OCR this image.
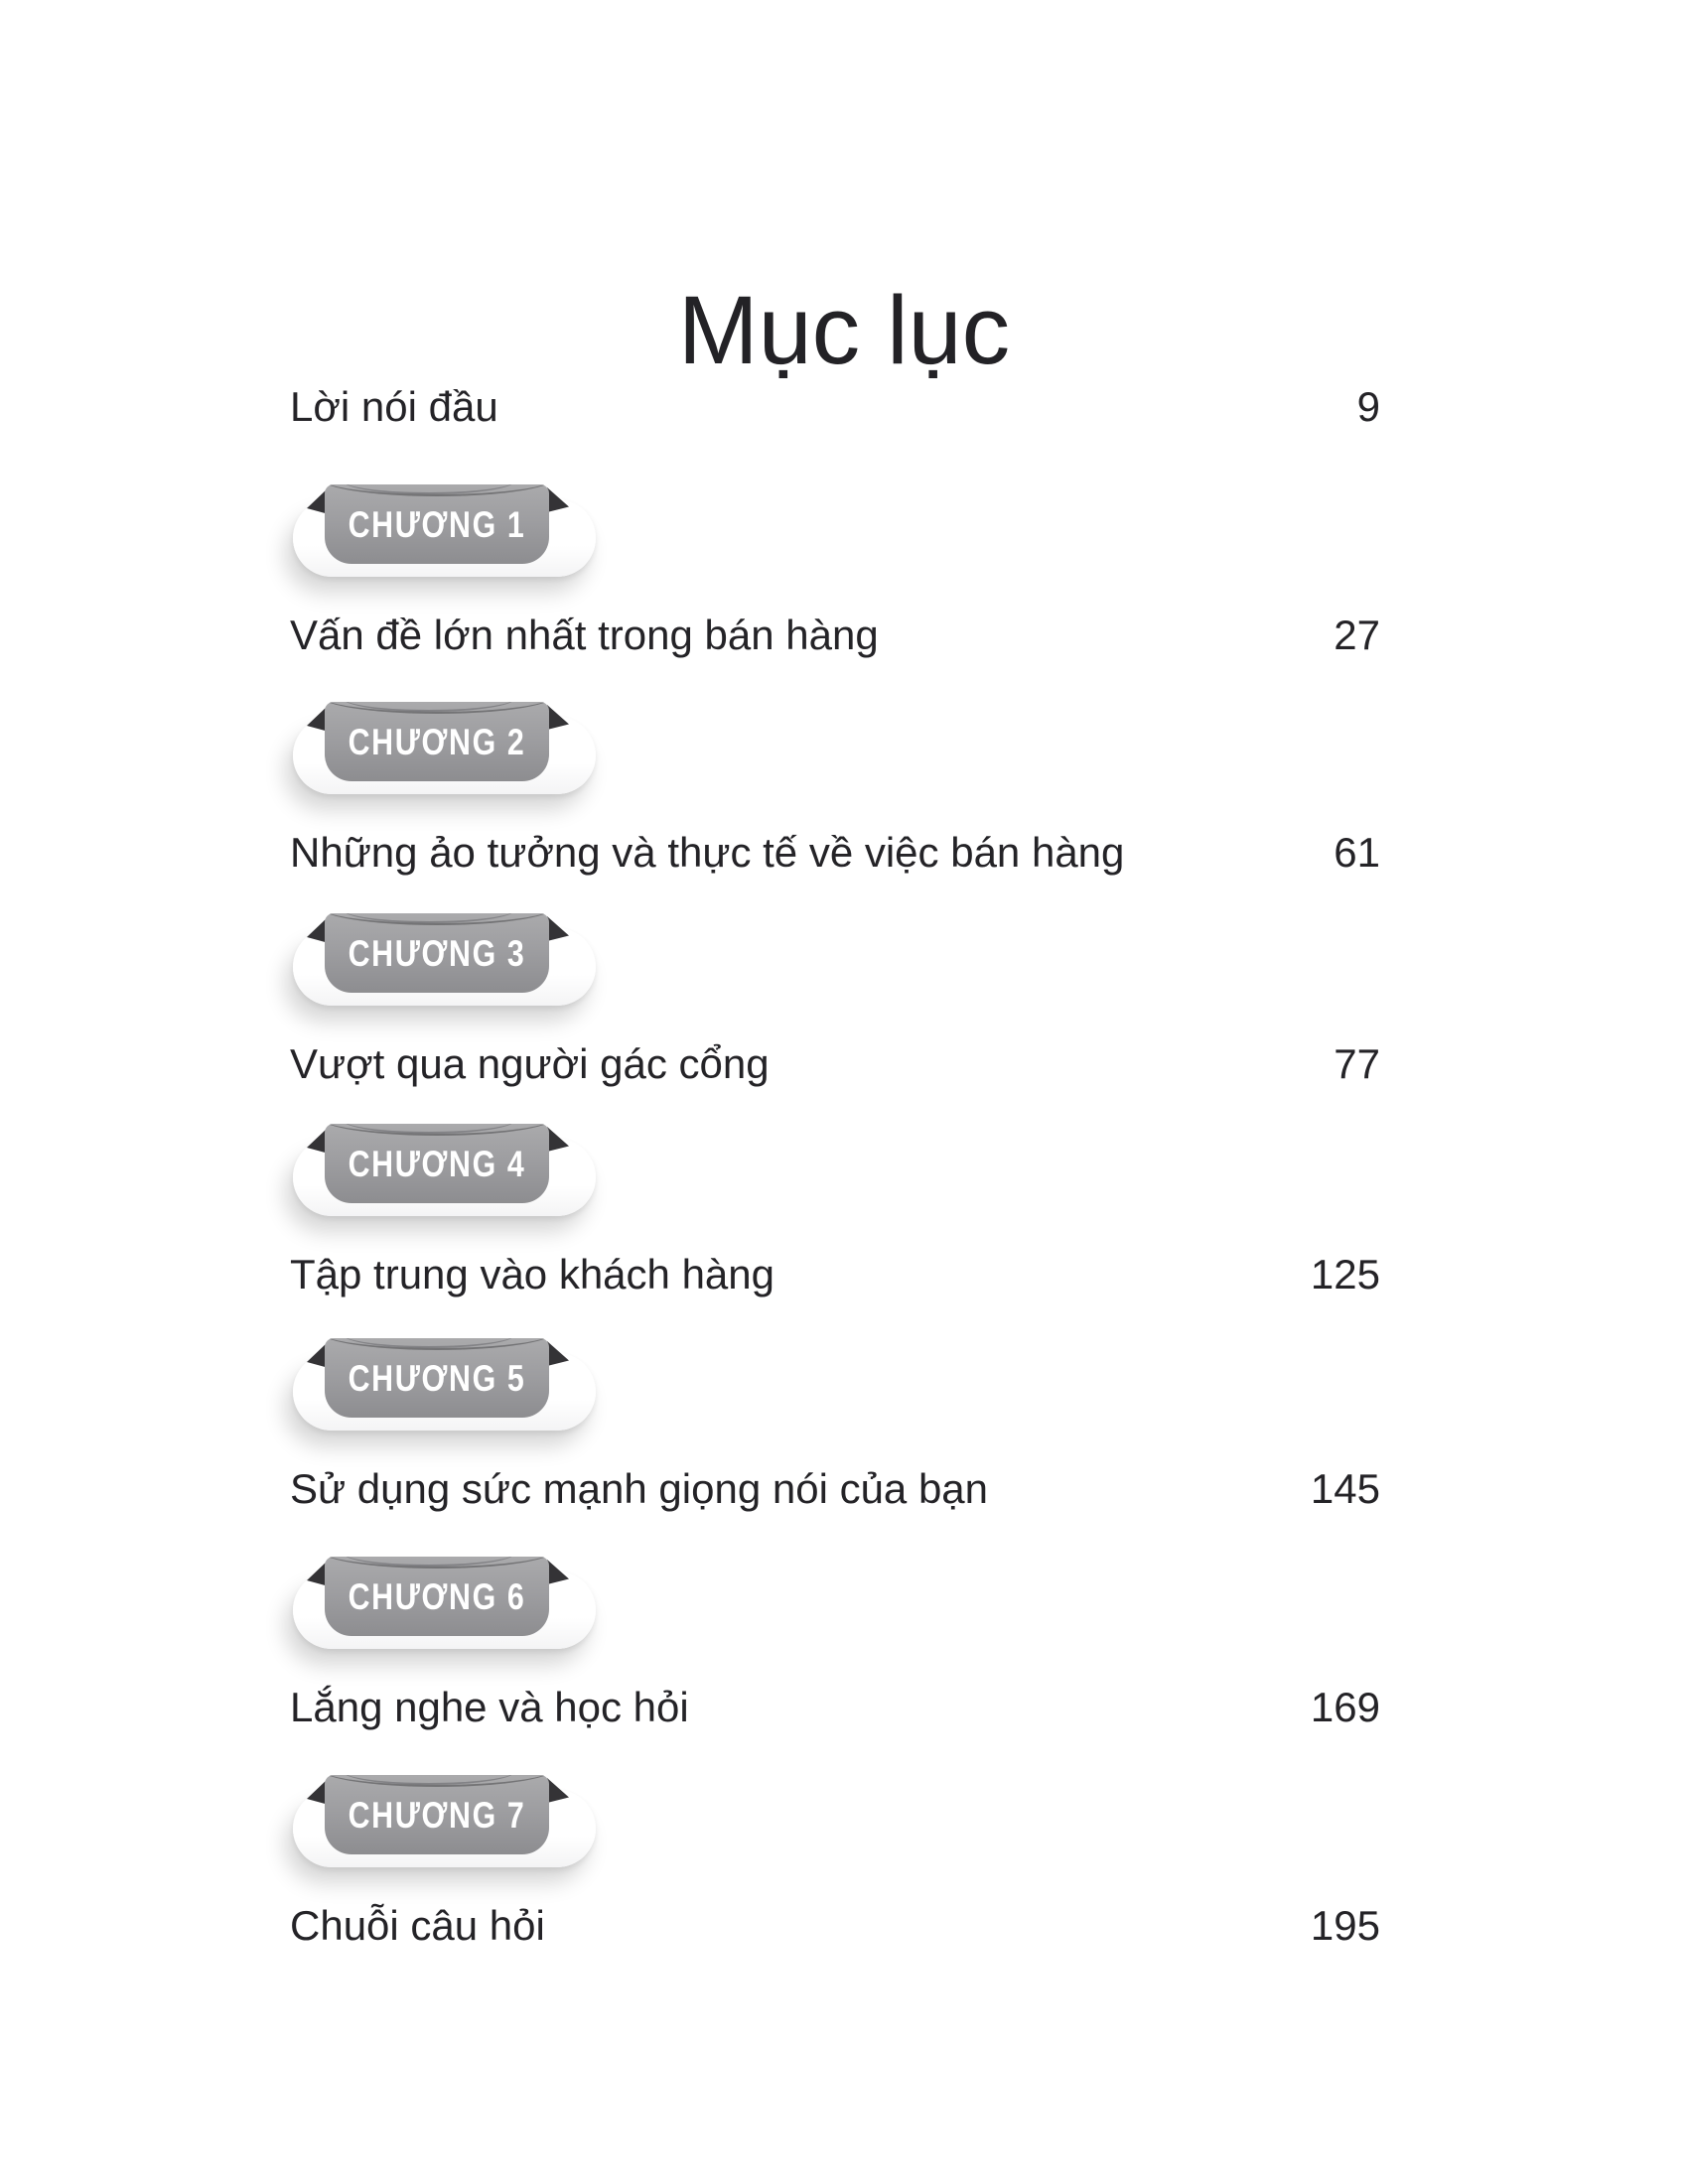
Mục lục
Lời nói đầu	9
CHƯƠNG 1
Vấn đề lớn nhất trong bán hàng	27
CHƯƠNG 2
Những ảo tưởng và thực tế về việc bán hàng	61
CHƯƠNG 3
Vượt qua người gác cổng	77
CHƯƠNG 4
Tập trung vào khách hàng	125
CHƯƠNG 5
Sử dụng sức mạnh giọng nói của bạn	145
CHƯƠNG 6
Lắng nghe và học hỏi	169
CHƯƠNG 7
Chuỗi câu hỏi	195
